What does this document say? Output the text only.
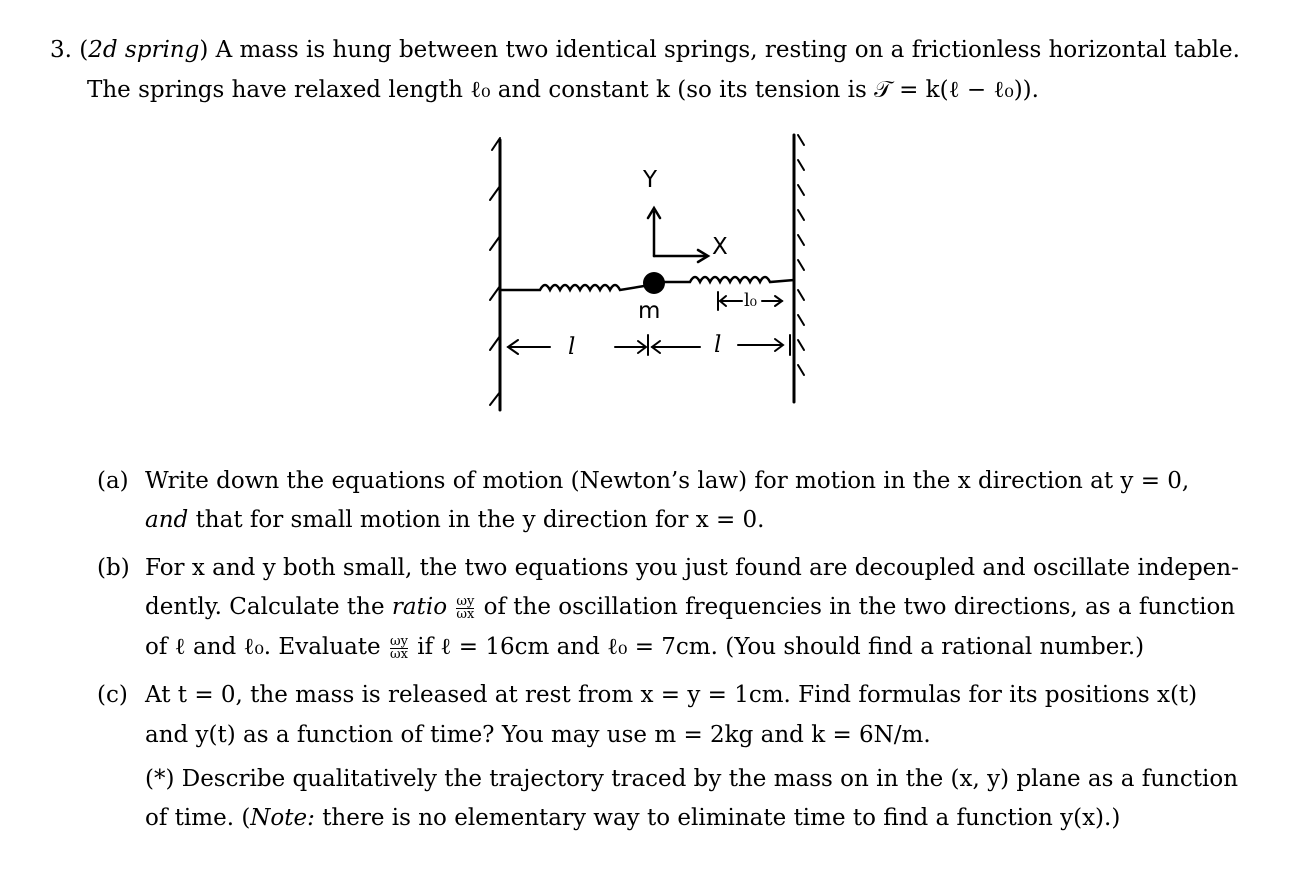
3. (2d spring) A mass is hung between two identical springs, resting on a frictionless horizontal table.
The springs have relaxed length ℓ₀ and constant k (so its tension is 𝒯 = k(ℓ − ℓ₀)).
Y
X
m	l₀
l	l
(a) Write down the equations of motion (Newton’s law) for motion in the x direction at y = 0,
and that for small motion in the y direction for x = 0.
(b) For x and y both small, the two equations you just found are decoupled and oscillate indepen-
dently. Calculate the ratio $\frac{\omega y}{\omega x}$ of the oscillation frequencies in the two directions, as a function
of ℓ and ℓ₀. Evaluate $\frac{\omega y}{\omega x}$ if ℓ = 16cm and ℓ₀ = 7cm. (You should find a rational number.)
(c) At t = 0, the mass is released at rest from x = y = 1cm. Find formulas for its positions x(t)
and y(t) as a function of time? You may use m = 2kg and k = 6N/m.
(*) Describe qualitatively the trajectory traced by the mass on in the (x, y) plane as a function
of time. (Note: there is no elementary way to eliminate time to find a function y(x).)
